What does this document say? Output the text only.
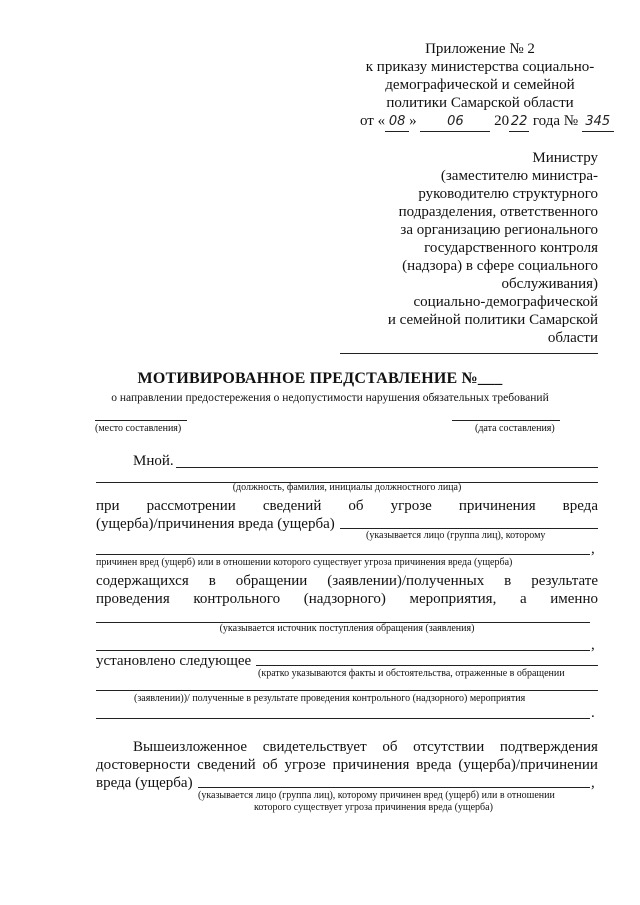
Приложение № 2
к приказу министерства социально-
демографической и семейной
политики Самарской области
от « 08 » 06 20 22 года № 345
Министру
(заместителю министра-
руководителю структурного
подразделения, ответственного
за организацию регионального
государственного контроля
(надзора) в сфере социального
обслуживания)
социально-демографической
и семейной политики Самарской
области
МОТИВИРОВАННОЕ ПРЕДСТАВЛЕНИЕ №___
о направлении предостережения о недопустимости нарушения обязательных требований
(место составления)	(дата составления)
Мной.
(должность, фамилия, инициалы должностного лица)
при рассмотрении сведений об угрозе причинения вреда
(ущерба)/причинения вреда (ущерба)
(указывается лицо (группа лиц), которому
,
причинен вред (ущерб) или в отношении которого существует угроза причинения вреда (ущерба)
содержащихся в обращении (заявлении)/полученных в результате
проведения контрольного (надзорного) мероприятия, а именно
(указывается источник поступления обращения (заявления)
,
установлено следующее
(кратко указываются факты и обстоятельства, отраженные в обращении
(заявлении))/ полученные в результате проведения контрольного (надзорного) мероприятия
.
Вышеизложенное свидетельствует об отсутствии подтверждения
достоверности сведений об угрозе причинения вреда (ущерба)/причинении
вреда (ущерба)	,
(указывается лицо (группа лиц), которому причинен вред (ущерб) или в отношении
которого существует угроза причинения вреда (ущерба)
